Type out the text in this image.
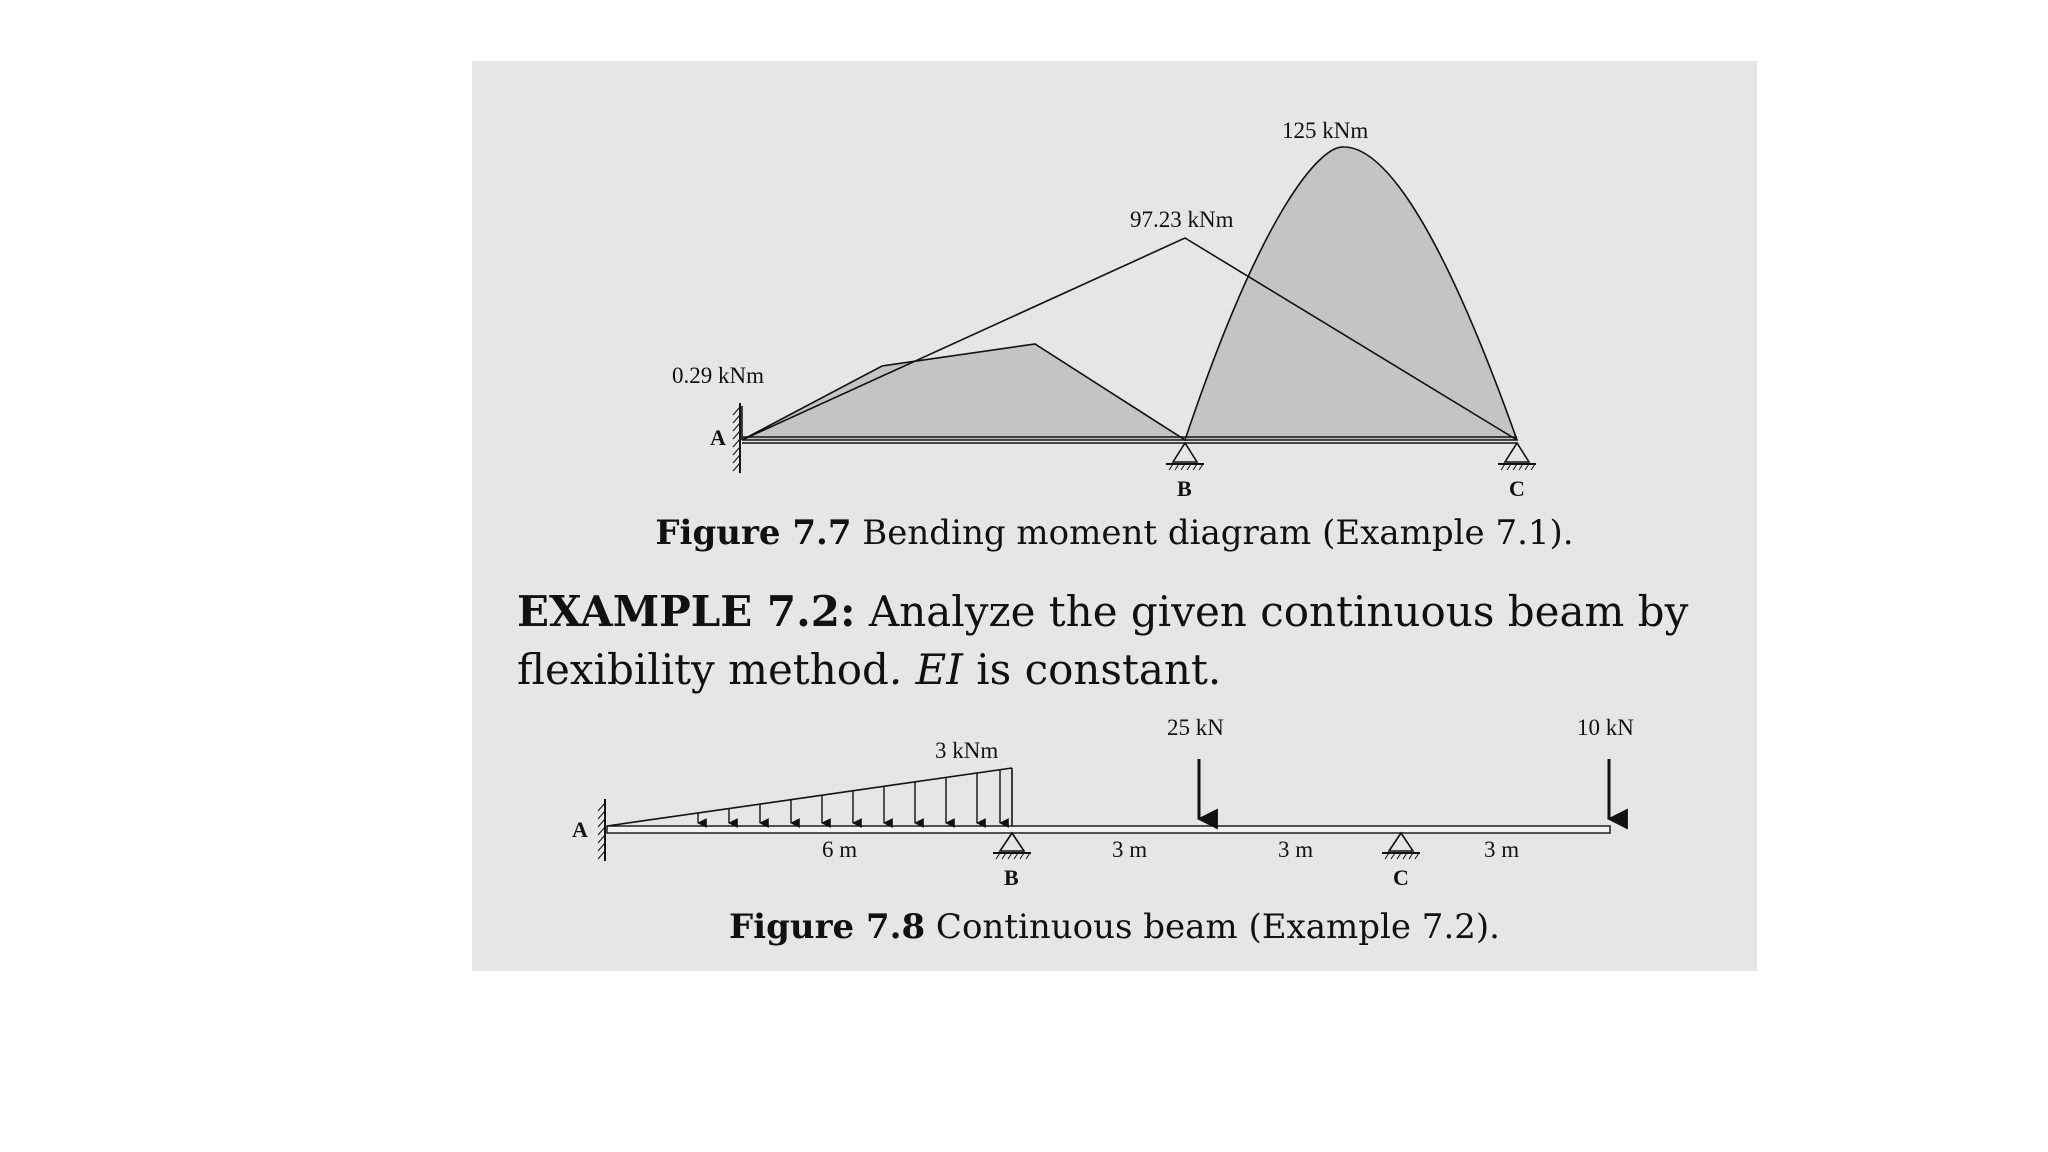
0.29 kNm
97.23 kNm
125 kNm
A
B	C
3 kNm
25 kN	10 kN
6 m	3 m	3 m	3 m
A
B	C
Figure 7.7 Bending moment diagram (Example 7.1).
EXAMPLE 7.2: Analyze the given continuous beam by flexibility method. EI is constant.
Figure 7.8 Continuous beam (Example 7.2).
